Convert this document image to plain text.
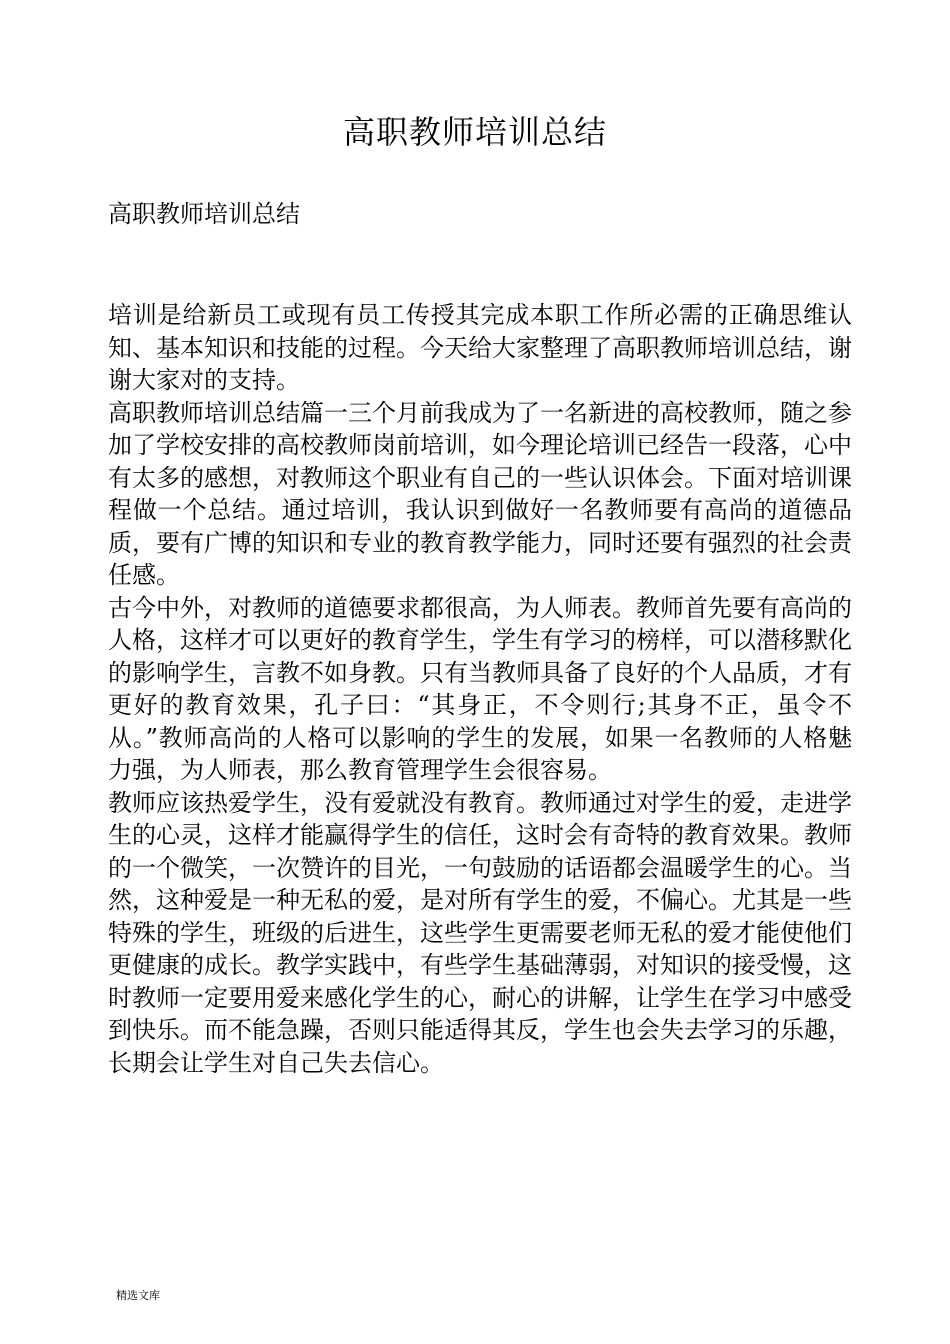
高职教师培训总结
高职教师培训总结

培训是给新员工或现有员工传授其完成本职工作所必需的正确思维认知、基本知识和技能的过程。今天给大家整理了高职教师培训总结，谢谢大家对的支持。

高职教师培训总结篇一三个月前我成为了一名新进的高校教师，随之参加了学校安排的高校教师岗前培训，如今理论培训已经告一段落，心中有太多的感想，对教师这个职业有自己的一些认识体会。下面对培训课程做一个总结。通过培训，我认识到做好一名教师要有高尚的道德品质，要有广博的知识和专业的教育教学能力，同时还要有强烈的社会责任感。

古今中外，对教师的道德要求都很高，为人师表。教师首先要有高尚的人格，这样才可以更好的教育学生，学生有学习的榜样，可以潜移默化的影响学生，言教不如身教。只有当教师具备了良好的个人品质，才有更好的教育效果，孔子曰：“其身正，不令则行;其身不正，虽令不从。”教师高尚的人格可以影响的学生的发展，如果一名教师的人格魅力强，为人师表，那么教育管理学生会很容易。

教师应该热爱学生，没有爱就没有教育。教师通过对学生的爱，走进学生的心灵，这样才能赢得学生的信任，这时会有奇特的教育效果。教师的一个微笑，一次赞许的目光，一句鼓励的话语都会温暖学生的心。当然，这种爱是一种无私的爱，是对所有学生的爱，不偏心。尤其是一些特殊的学生，班级的后进生，这些学生更需要老师无私的爱才能使他们更健康的成长。教学实践中，有些学生基础薄弱，对知识的接受慢，这时教师一定要用爱来感化学生的心，耐心的讲解，让学生在学习中感受到快乐。而不能急躁，否则只能适得其反，学生也会失去学习的乐趣，长期会让学生对自己失去信心。

精选文库
